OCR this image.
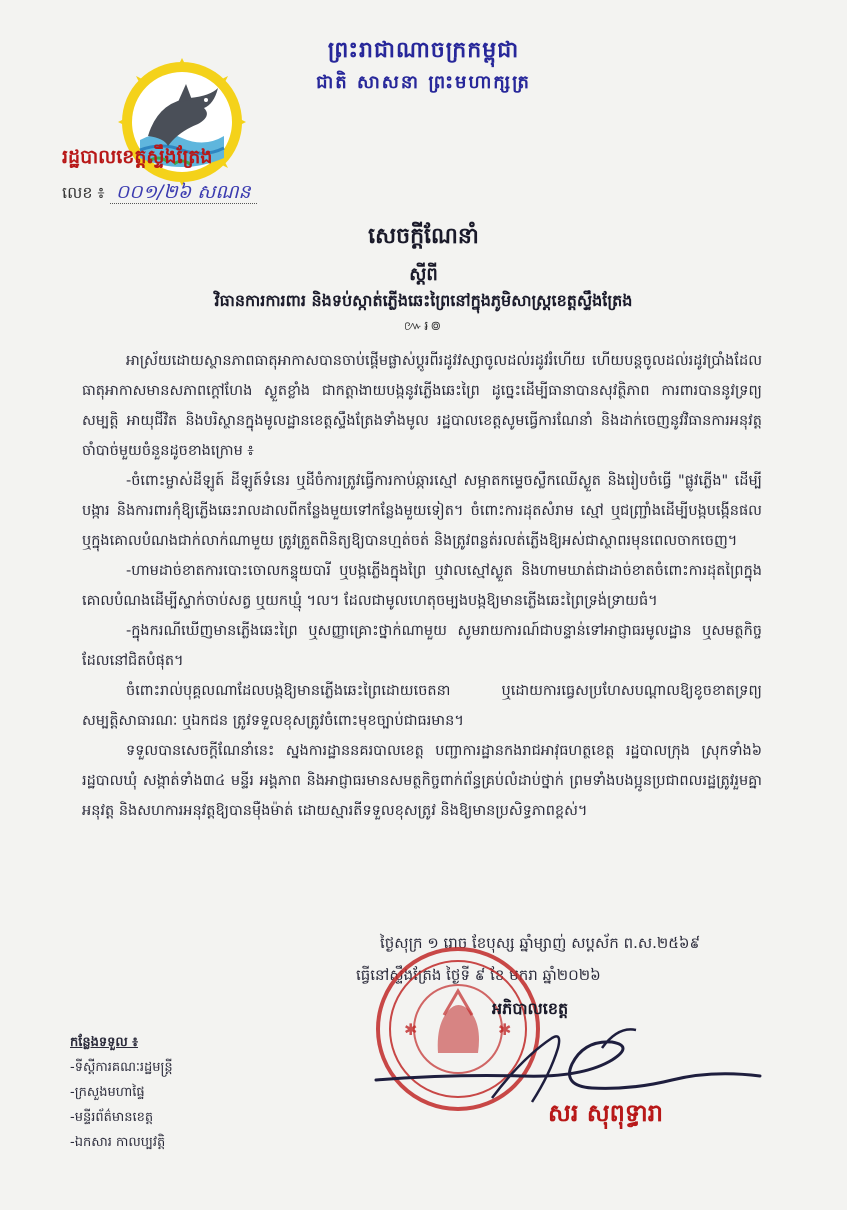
ព្រះរាជាណាចក្រកម្ពុជា
ជាតិ សាសនា ព្រះមហាក្សត្រ
រដ្ឋបាលខេត្តស្ទឹងត្រែង
លេខ ៖ ០០១/២៦ សណន
សេចក្តីណែនាំ
ស្តីពី
វិធានការការពារ និងទប់ស្កាត់ភ្លើងឆេះព្រៃនៅក្នុងភូមិសាស្ត្រខេត្តស្ទឹងត្រែង
៚៛៙

អាស្រ័យដោយស្ថានភាពធាតុអាកាសបានចាប់ផ្តើមផ្លាស់ប្តូរពីរដូវវស្សាចូលដល់រដូវរំហើយ ហើយបន្តចូលដល់រដូវប្រាំងដែលធាតុអាកាសមានសភាពក្តៅហែង ស្ងួតខ្លាំង ជាកត្តាងាយបង្កនូវភ្លើងឆេះព្រៃ ដូច្នេះដើម្បីធានាបានសុវត្ថិភាព ការពារបាននូវទ្រព្យសម្បត្តិ អាយុជីវិត និងបរិស្ថានក្នុងមូលដ្ឋានខេត្តស្ទឹងត្រែងទាំងមូល រដ្ឋបាលខេត្តសូមធ្វើការណែនាំ និងដាក់ចេញនូវវិធានការអនុវត្តចាំបាច់មួយចំនួនដូចខាងក្រោម ៖

-ចំពោះម្ចាស់ដីឡូត៍ ដីឡូត៍ទំនេរ ឬដីចំការត្រូវធ្វើការកាប់ឆ្ការស្មៅ សម្អាតកម្ទេចស្លឹកឈើស្ងួត និងរៀបចំធ្វើ "ផ្លូវភ្លើង" ដើម្បីបង្ការ និងការពារកុំឱ្យភ្លើងឆេះរាលដាលពីកន្លែងមួយទៅកន្លែងមួយទៀត។ ចំពោះការដុតសំរាម ស្មៅ ឬជញ្ជ្រាំងដើម្បីបង្កបង្កើនផល ឬក្នុងគោលបំណងជាក់លាក់ណាមួយ ត្រូវត្រួតពិនិត្យឱ្យបានហ្មត់ចត់ និងត្រូវពន្លត់រលត់ភ្លើងឱ្យអស់ជាស្ថាពរមុនពេលចាកចេញ។

-ហាមដាច់ខាតការបោះចោលកន្ទុយបារី ឬបង្កភ្លើងក្នុងព្រៃ ឬវាលស្មៅស្ងួត និងហាមឃាត់ជាដាច់ខាតចំពោះការដុតព្រៃក្នុងគោលបំណងដើម្បីស្ទាក់ចាប់សត្វ ឬយកឃ្មុំ ។ល។ ដែលជាមូលហេតុចម្បងបង្កឱ្យមានភ្លើងឆេះព្រៃទ្រង់ទ្រាយធំ។

-ក្នុងករណីឃើញមានភ្លើងឆេះព្រៃ ឬសញ្ញាគ្រោះថ្នាក់ណាមួយ សូមរាយការណ៍ជាបន្ទាន់ទៅអាជ្ញាធរមូលដ្ឋាន ឬសមត្ថកិច្ចដែលនៅជិតបំផុត។

ចំពោះរាល់បុគ្គលណាដែលបង្កឱ្យមានភ្លើងឆេះព្រៃដោយចេតនា ឬដោយការធ្វេសប្រហែសបណ្តាលឱ្យខូចខាតទ្រព្យសម្បត្តិសាធារណៈ ឬឯកជន ត្រូវទទួលខុសត្រូវចំពោះមុខច្បាប់ជាធរមាន។

ទទួលបានសេចក្តីណែនាំនេះ ស្នងការដ្ឋាននគរបាលខេត្ត បញ្ជាការដ្ឋានកងរាជអាវុធហត្ថខេត្ត រដ្ឋបាលក្រុង ស្រុកទាំង៦ រដ្ឋបាលឃុំ សង្កាត់ទាំង៣៤ មន្ទីរ អង្គភាព និងអាជ្ញាធរមានសមត្ថកិច្ចពាក់ព័ន្ធគ្រប់លំដាប់ថ្នាក់ ព្រមទាំងបងប្អូនប្រជាពលរដ្ឋត្រូវរួមគ្នាអនុវត្ត និងសហការអនុវត្តឱ្យបានម៉ឺងម៉ាត់ ដោយស្មារតីទទួលខុសត្រូវ និងឱ្យមានប្រសិទ្ធភាពខ្ពស់។

ថ្ងៃសុក្រ ១ រោច ខែបុស្ស ឆ្នាំម្សាញ់ សប្តស័ក ព.ស.២៥៦៩
ធ្វើនៅស្ទឹងត្រែង ថ្ងៃទី ៩ ខែ មករា ឆ្នាំ២០២៦
✱	✱
អភិបាលខេត្ត
សរ សុពុទ្ធារា
កន្លែងទទួល ៖
-ទីស្តីការគណៈរដ្ឋមន្ត្រី
-ក្រសួងមហាផ្ទៃ
-មន្ទីរព័ត៌មានខេត្ត
-ឯកសារ កាលប្បវត្តិ
